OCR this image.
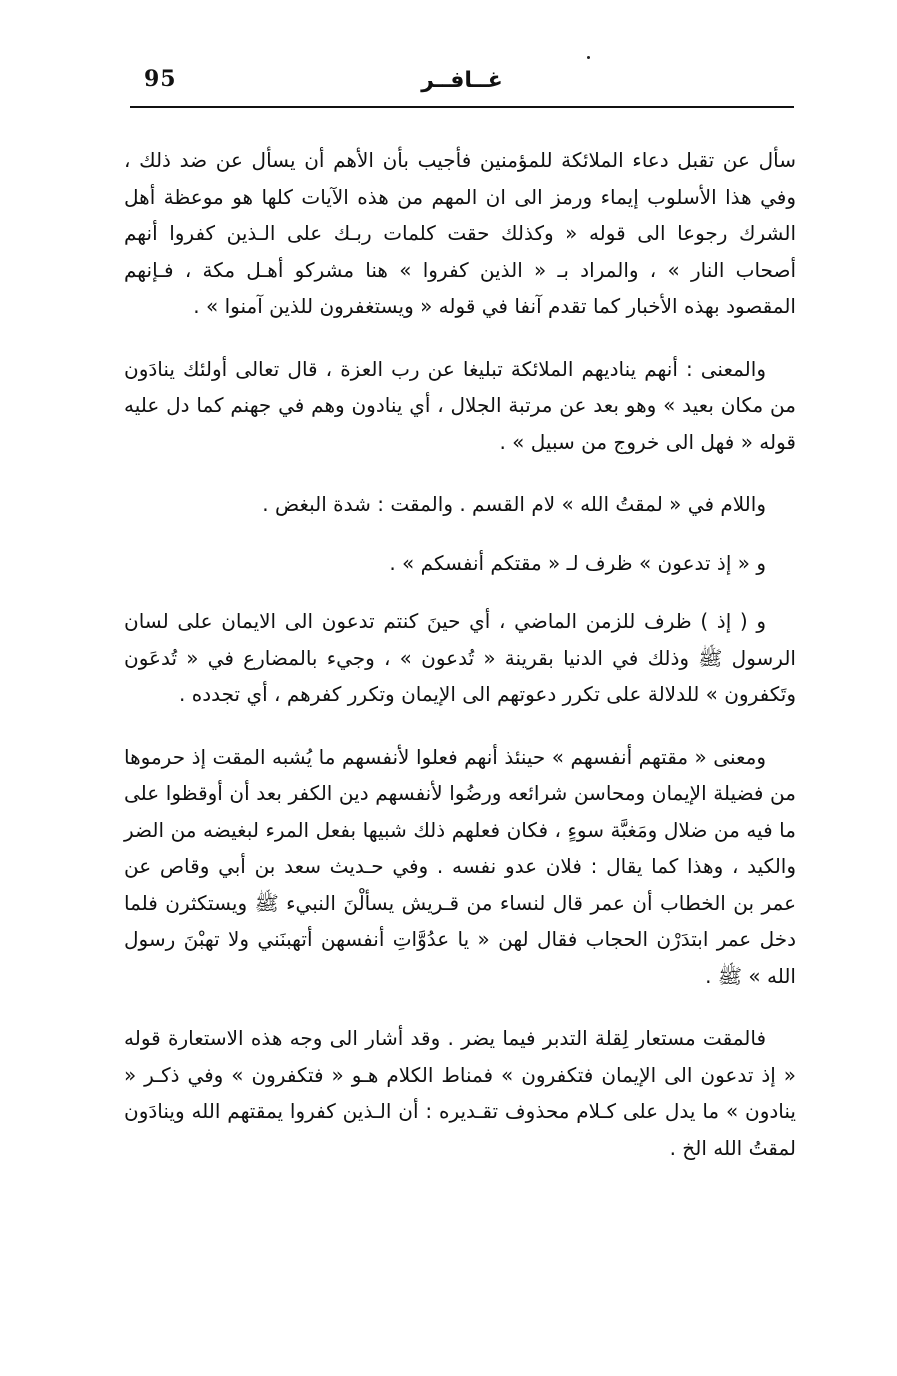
95	غــافــر

سأل عن تقبل دعاء الملائكة للمؤمنين فأجيب بأن الأهم أن يسأل عن ضد ذلك ، وفي هذا الأسلوب إيماء ورمز الى ان المهم من هذه الآيات كلها هو موعظة أهل الشرك رجوعا الى قوله « وكذلك حقت كلمات ربـك على الـذين كفروا أنهم أصحاب النار » ، والمراد بـ « الذين كفروا » هنا مشركو أهـل مكة ، فـإنهم المقصود بهذه الأخبار كما تقدم آنفا في قوله « ويستغفرون للذين آمنوا » .

والمعنى : أنهم يناديهم الملائكة تبليغا عن رب العزة ، قال تعالى أولئك ينادَون من مكان بعيد » وهو بعد عن مرتبة الجلال ، أي ينادون وهم في جهنم كما دل عليه قوله « فهل الى خروج من سبيل » .

واللام في « لمقتُ الله » لام القسم . والمقت : شدة البغض .

و « إذ تدعون » ظرف لـ « مقتكم أنفسكم » .

و ( إذ ) ظرف للزمن الماضي ، أي حينَ كنتم تدعون الى الايمان على لسان الرسول ﷺ وذلك في الدنيا بقرينة « تُدعون » ، وجيء بالمضارع في « تُدعَون وتَكفرون » للدلالة على تكرر دعوتهم الى الإيمان وتكرر كفرهم ، أي تجدده .

ومعنى « مقتهم أنفسهم » حينئذ أنهم فعلوا لأنفسهم ما يُشبه المقت إذ حرموها من فضيلة الإيمان ومحاسن شرائعه ورضُوا لأنفسهم دين الكفر بعد أن أوقظوا على ما فيه من ضلال ومَغبَّة سوءٍ ، فكان فعلهم ذلك شبيها بفعل المرء لبغيضه من الضر والكيد ، وهذا كما يقال : فلان عدو نفسه . وفي حـديث سعد بن أبي وقاص عن عمر بن الخطاب أن عمر قال لنساء من قـريش يسألْنَ النبيء ﷺ ويستكثرن فلما دخل عمر ابتدَرْن الحجاب فقال لهن « يا عدُوَّاتِ أنفسهن أتهبنَني ولا تهبْنَ رسول الله » ﷺ .

فالمقت مستعار لِقلة التدبر فيما يضر . وقد أشار الى وجه هذه الاستعارة قوله « إذ تدعون الى الإيمان فتكفرون » فمناط الكلام هـو « فتكفرون » وفي ذكـر « ينادون » ما يدل على كـلام محذوف تقـديره : أن الـذين كفروا يمقتهم الله وينادَون لمقتُ الله الخ .
